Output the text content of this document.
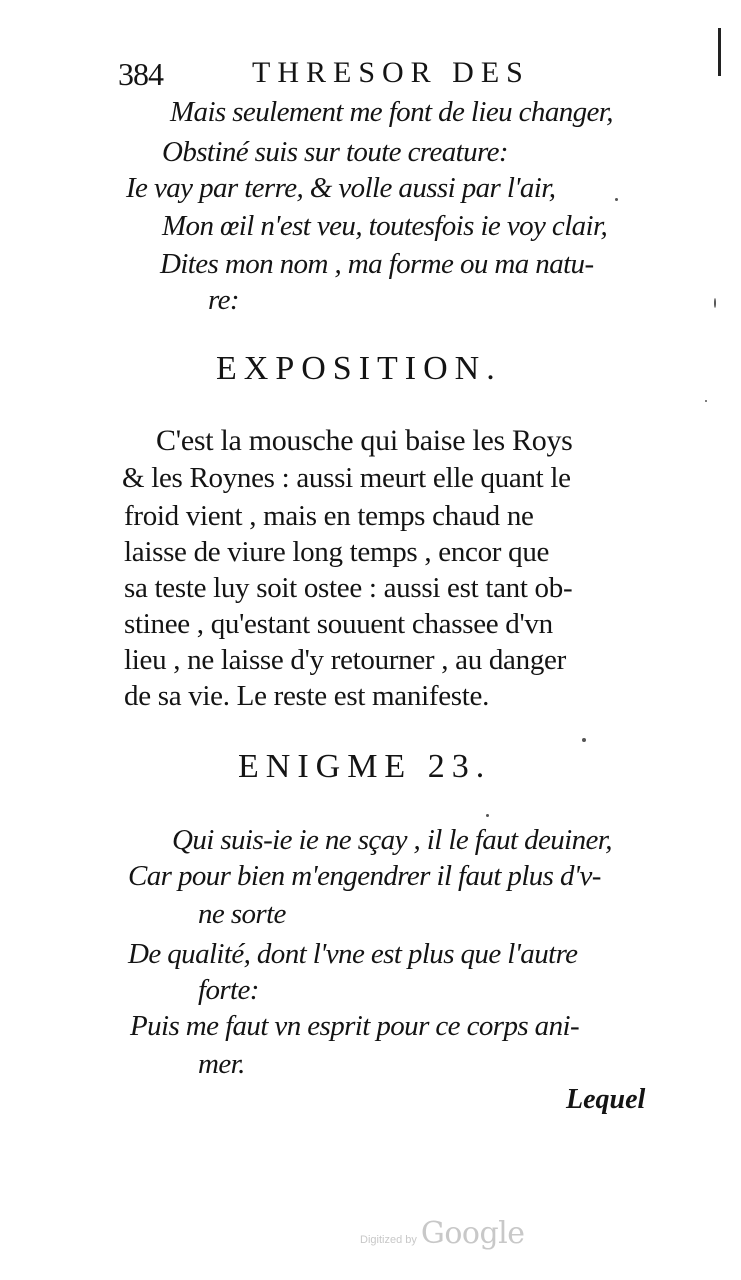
384	THRESOR DES
Mais seulement me font de lieu changer,
Obstiné suis sur toute creature:
Ie vay par terre, & volle aussi par l'air,
Mon œil n'est veu, toutesfois ie voy clair,
Dites mon nom , ma forme ou ma natu-
re:
EXPOSITION.
C'est la mousche qui baise les Roys
& les Roynes : aussi meurt elle quant le
froid vient , mais en temps chaud ne
laisse de viure long temps , encor que
sa teste luy soit ostee : aussi est tant ob-
stinee , qu'estant souuent chassee d'vn
lieu , ne laisse d'y retourner , au danger
de sa vie. Le reste est manifeste.
ENIGME 23.
Qui suis-ie ie ne sçay , il le faut deuiner,
Car pour bien m'engendrer il faut plus d'v-
ne sorte
De qualité, dont l'vne est plus que l'autre
forte:
Puis me faut vn esprit pour ce corps ani-
mer.
Lequel
Digitized by Google
